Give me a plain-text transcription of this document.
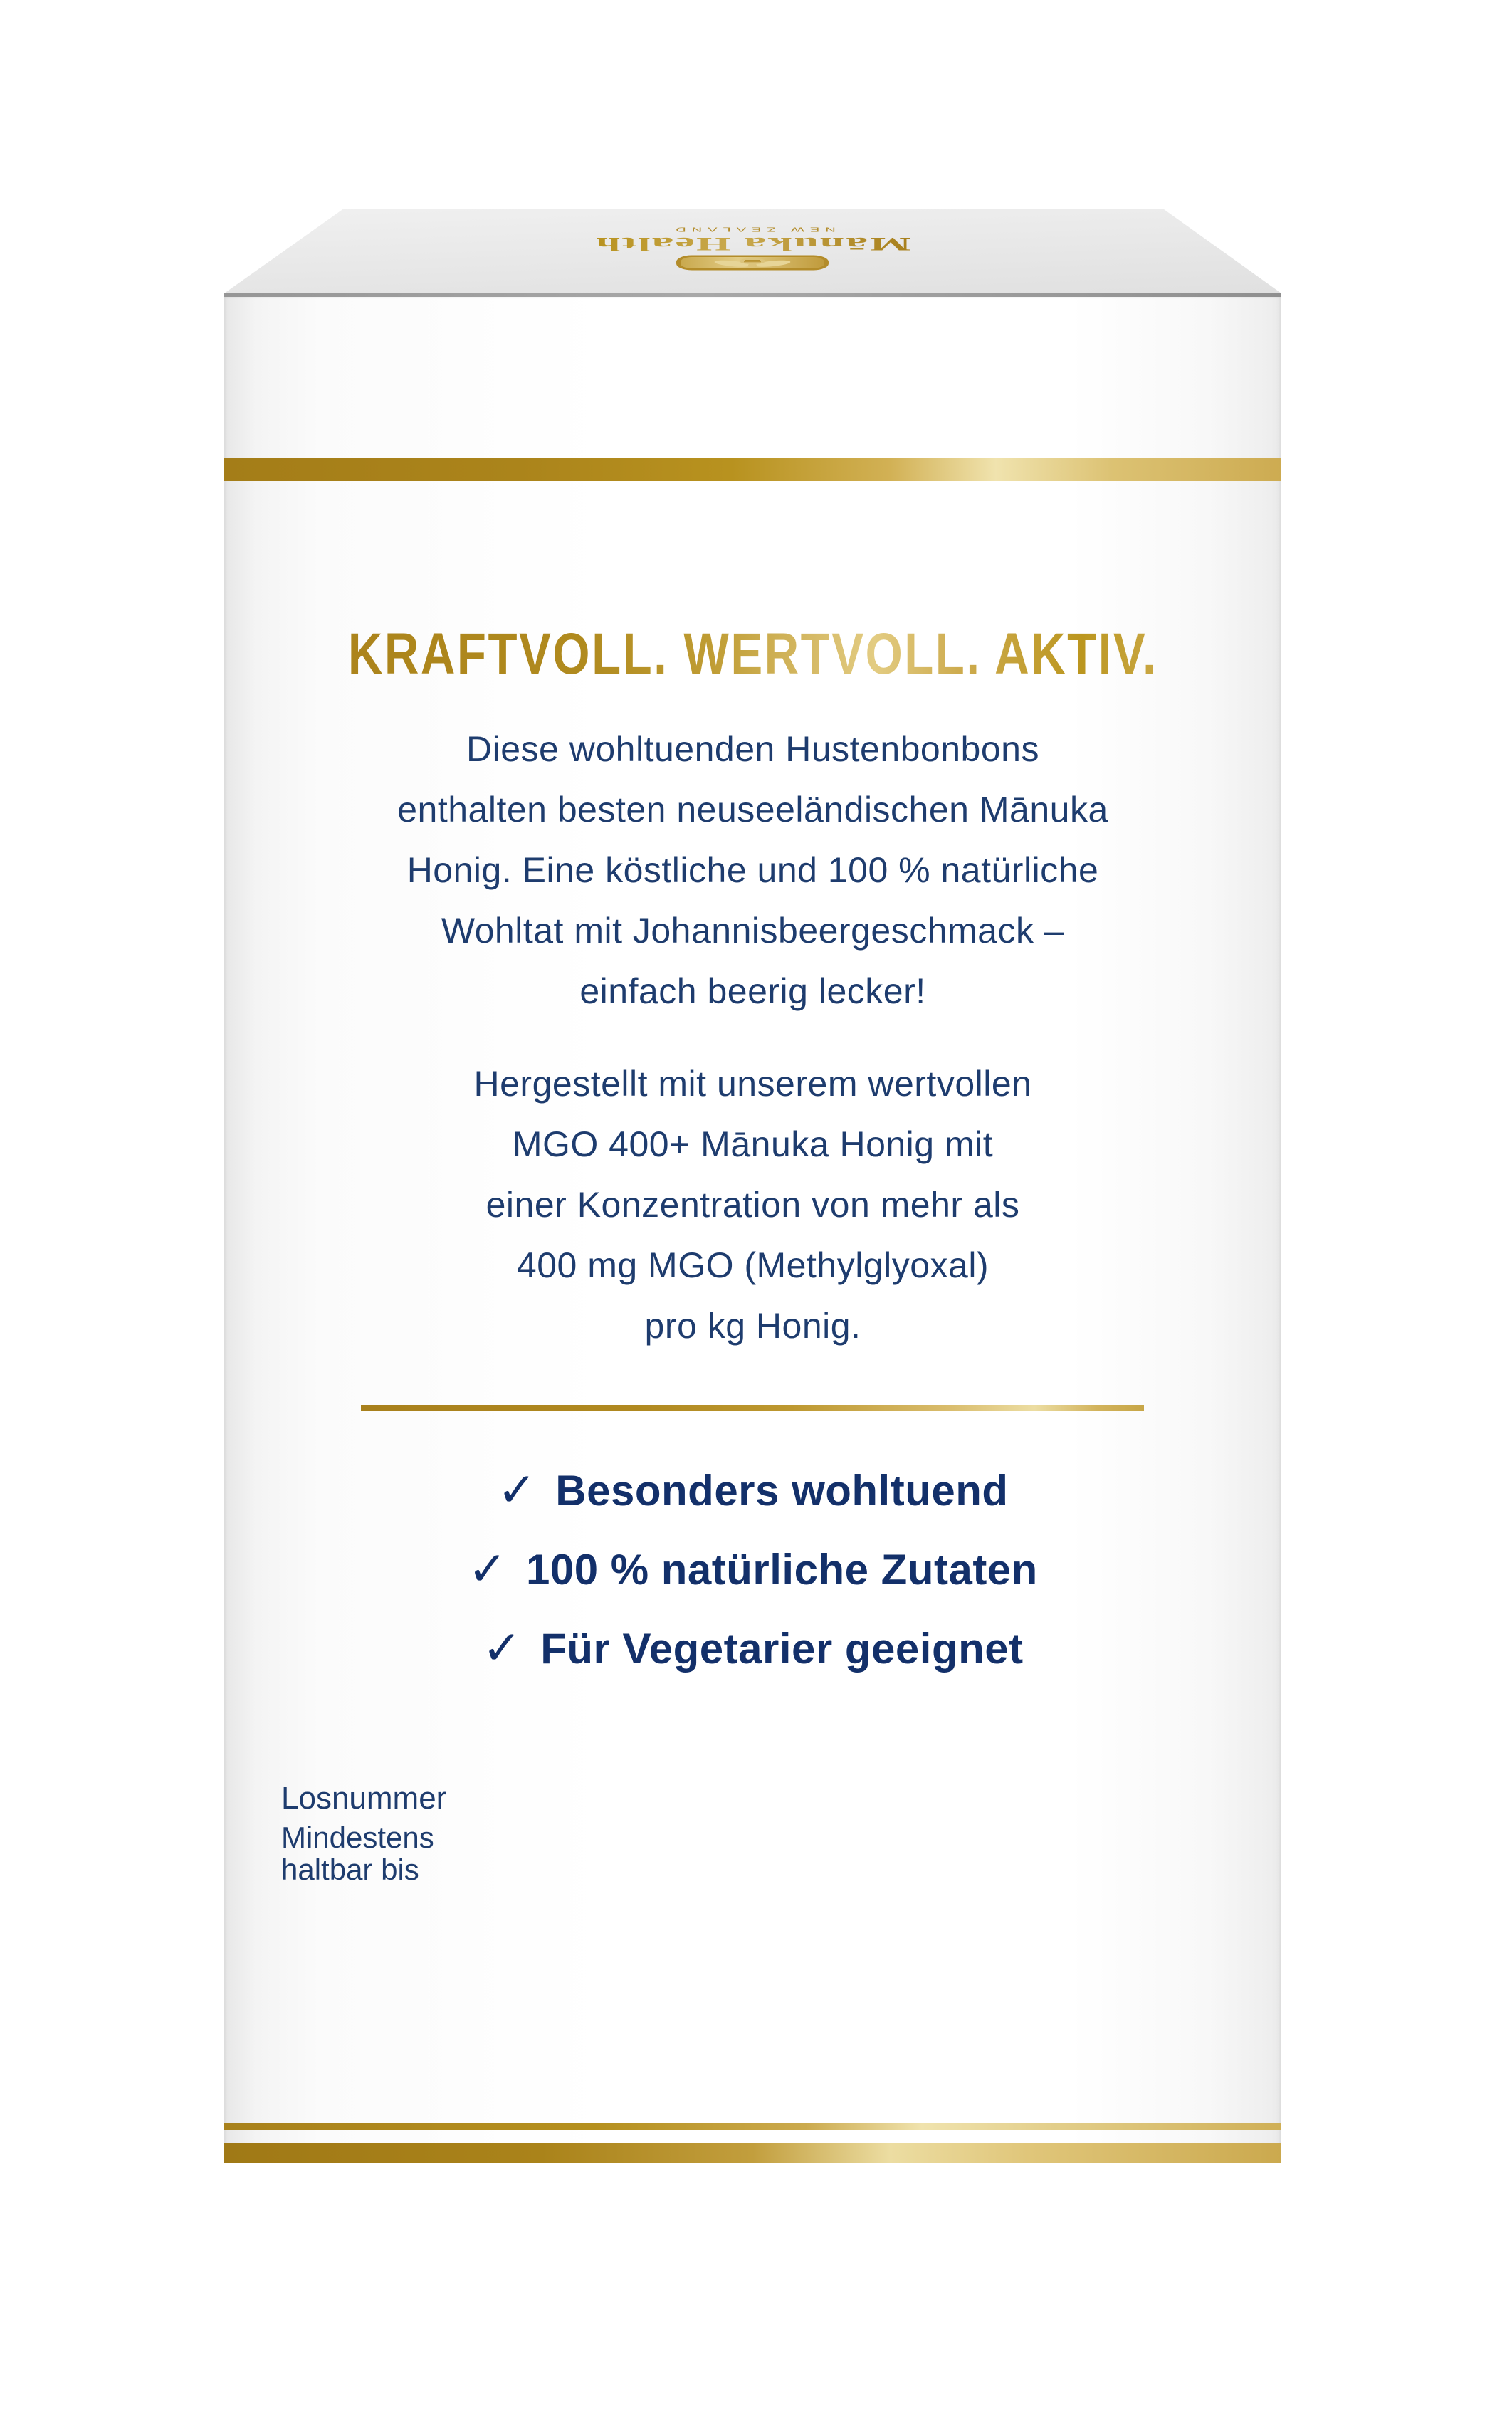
Mānuka Health
NEW ZEALAND
KRAFTVOLL. WERTVOLL. AKTIV.
Diese wohltuenden Hustenbonbons
enthalten besten neuseeländischen Mānuka
Honig. Eine köstliche und 100 % natürliche
Wohltat mit Johannisbeergeschmack –
einfach beerig lecker!
Hergestellt mit unserem wertvollen
MGO 400+ Mānuka Honig mit
einer Konzentration von mehr als
400 mg MGO (Methylglyoxal)
pro kg Honig.
✓ Besonders wohltuend
✓ 100 % natürliche Zutaten
✓ Für Vegetarier geeignet
Losnummer
Mindestens
haltbar bis
